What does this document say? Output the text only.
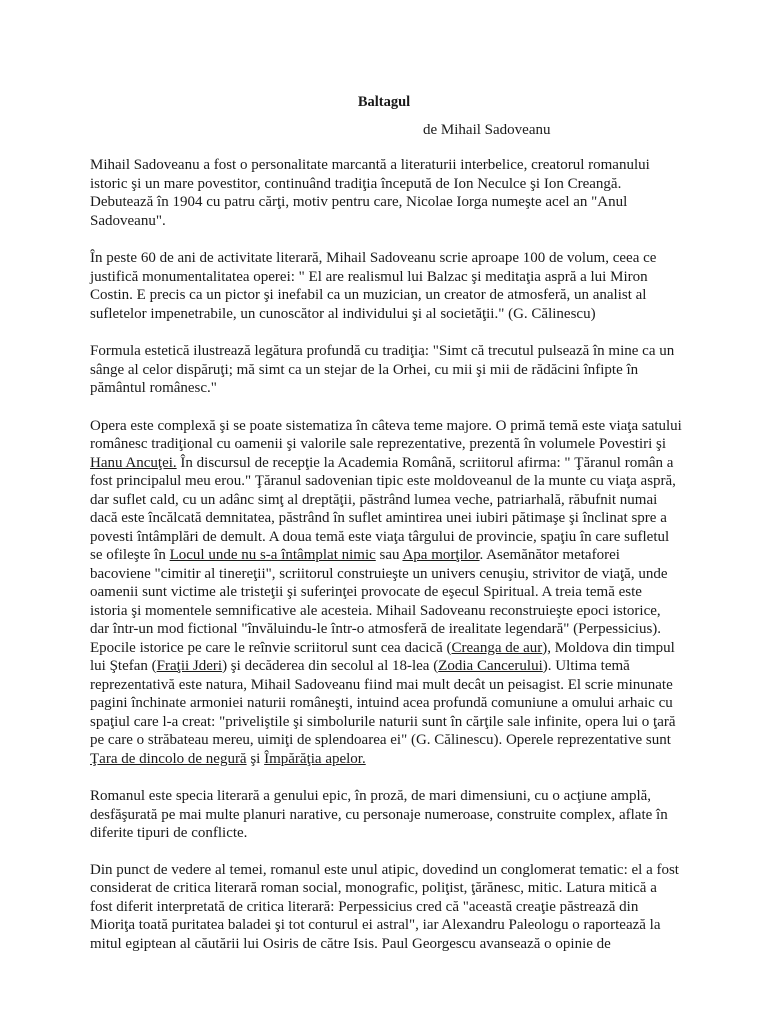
Baltagul

de Mihail Sadoveanu

Mihail Sadoveanu a fost o personalitate marcantă a literaturii interbelice, creatorul romanului istoric şi un mare povestitor, continuând tradiţia începută de Ion Neculce şi Ion Creangă. Debutează în 1904 cu patru cărţi, motiv pentru care, Nicolae Iorga numeşte acel an "Anul Sadoveanu".

În peste 60 de ani de activitate literară, Mihail Sadoveanu scrie aproape 100 de volum, ceea ce justifică monumentalitatea operei: " El are realismul lui Balzac şi meditaţia aspră a lui Miron Costin. E precis ca un pictor şi inefabil ca un muzician, un creator de atmosferă, un analist al sufletelor impenetrabile, un cunoscător al individului şi al societăţii." (G. Călinescu)

Formula estetică ilustrează legătura profundă cu tradiţia: "Simt că trecutul pulsează în mine ca un sânge al celor dispăruţi; mă simt ca un stejar de la Orhei, cu mii şi mii de rădăcini înfipte în pământul românesc."

Opera este complexă şi se poate sistematiza în câteva teme majore. O primă temă este viaţa satului românesc tradiţional cu oamenii şi valorile sale reprezentative, prezentă în volumele Povestiri şi Hanu Ancuţei. În discursul de recepţie la Academia Română, scriitorul afirma: " Ţăranul român a fost principalul meu erou." Ţăranul sadovenian tipic este moldoveanul de la munte cu viaţa aspră, dar suflet cald, cu un adânc simţ al dreptăţii, păstrând lumea veche, patriarhală, răbufnit numai dacă este încălcată demnitatea, păstrând în suflet amintirea unei iubiri pătimaşe şi înclinat spre a povesti întâmplări de demult. A doua temă este viaţa târgului de provincie, spaţiu în care sufletul se ofileşte în Locul unde nu s-a întâmplat nimic sau Apa morţilor. Asemănător metaforei bacoviene "cimitir al tinereţii", scriitorul construieşte un univers cenuşiu, strivitor de viaţă, unde oamenii sunt victime ale tristeţii şi suferinţei provocate de eşecul Spiritual. A treia temă este istoria şi momentele semnificative ale acesteia. Mihail Sadoveanu reconstruieşte epoci istorice, dar într-un mod fictional "învăluindu-le într-o atmosferă de irealitate legendară" (Perpessicius). Epocile istorice pe care le reînvie scriitorul sunt cea dacică (Creanga de aur), Moldova din timpul lui Ştefan (Fraţii Jderi) şi decăderea din secolul al 18-lea (Zodia Cancerului). Ultima temă reprezentativă este natura, Mihail Sadoveanu fiind mai mult decât un peisagist. El scrie minunate pagini închinate armoniei naturii româneşti, intuind acea profundă comuniune a omului arhaic cu spaţiul care l-a creat: "priveliştile şi simbolurile naturii sunt în cărţile sale infinite, opera lui o ţară pe care o străbateau mereu, uimiţi de splendoarea ei" (G. Călinescu). Operele reprezentative sunt Ţara de dincolo de negură şi Împărăţia apelor.

Romanul este specia literară a genului epic, în proză, de mari dimensiuni, cu o acţiune amplă, desfăşurată pe mai multe planuri narative, cu personaje numeroase, construite complex, aflate în diferite tipuri de conflicte.

Din punct de vedere al temei, romanul este unul atipic, dovedind un conglomerat tematic: el a fost considerat de critica literară roman social, monografic, poliţist, ţărănesc, mitic. Latura mitică a fost diferit interpretată de critica literară: Perpessicius cred că "această creaţie păstrează din Mioriţa toată puritatea baladei şi tot conturul ei astral", iar Alexandru Paleologu o raportează la mitul egiptean al căutării lui Osiris de către Isis. Paul Georgescu avansează o opinie de
